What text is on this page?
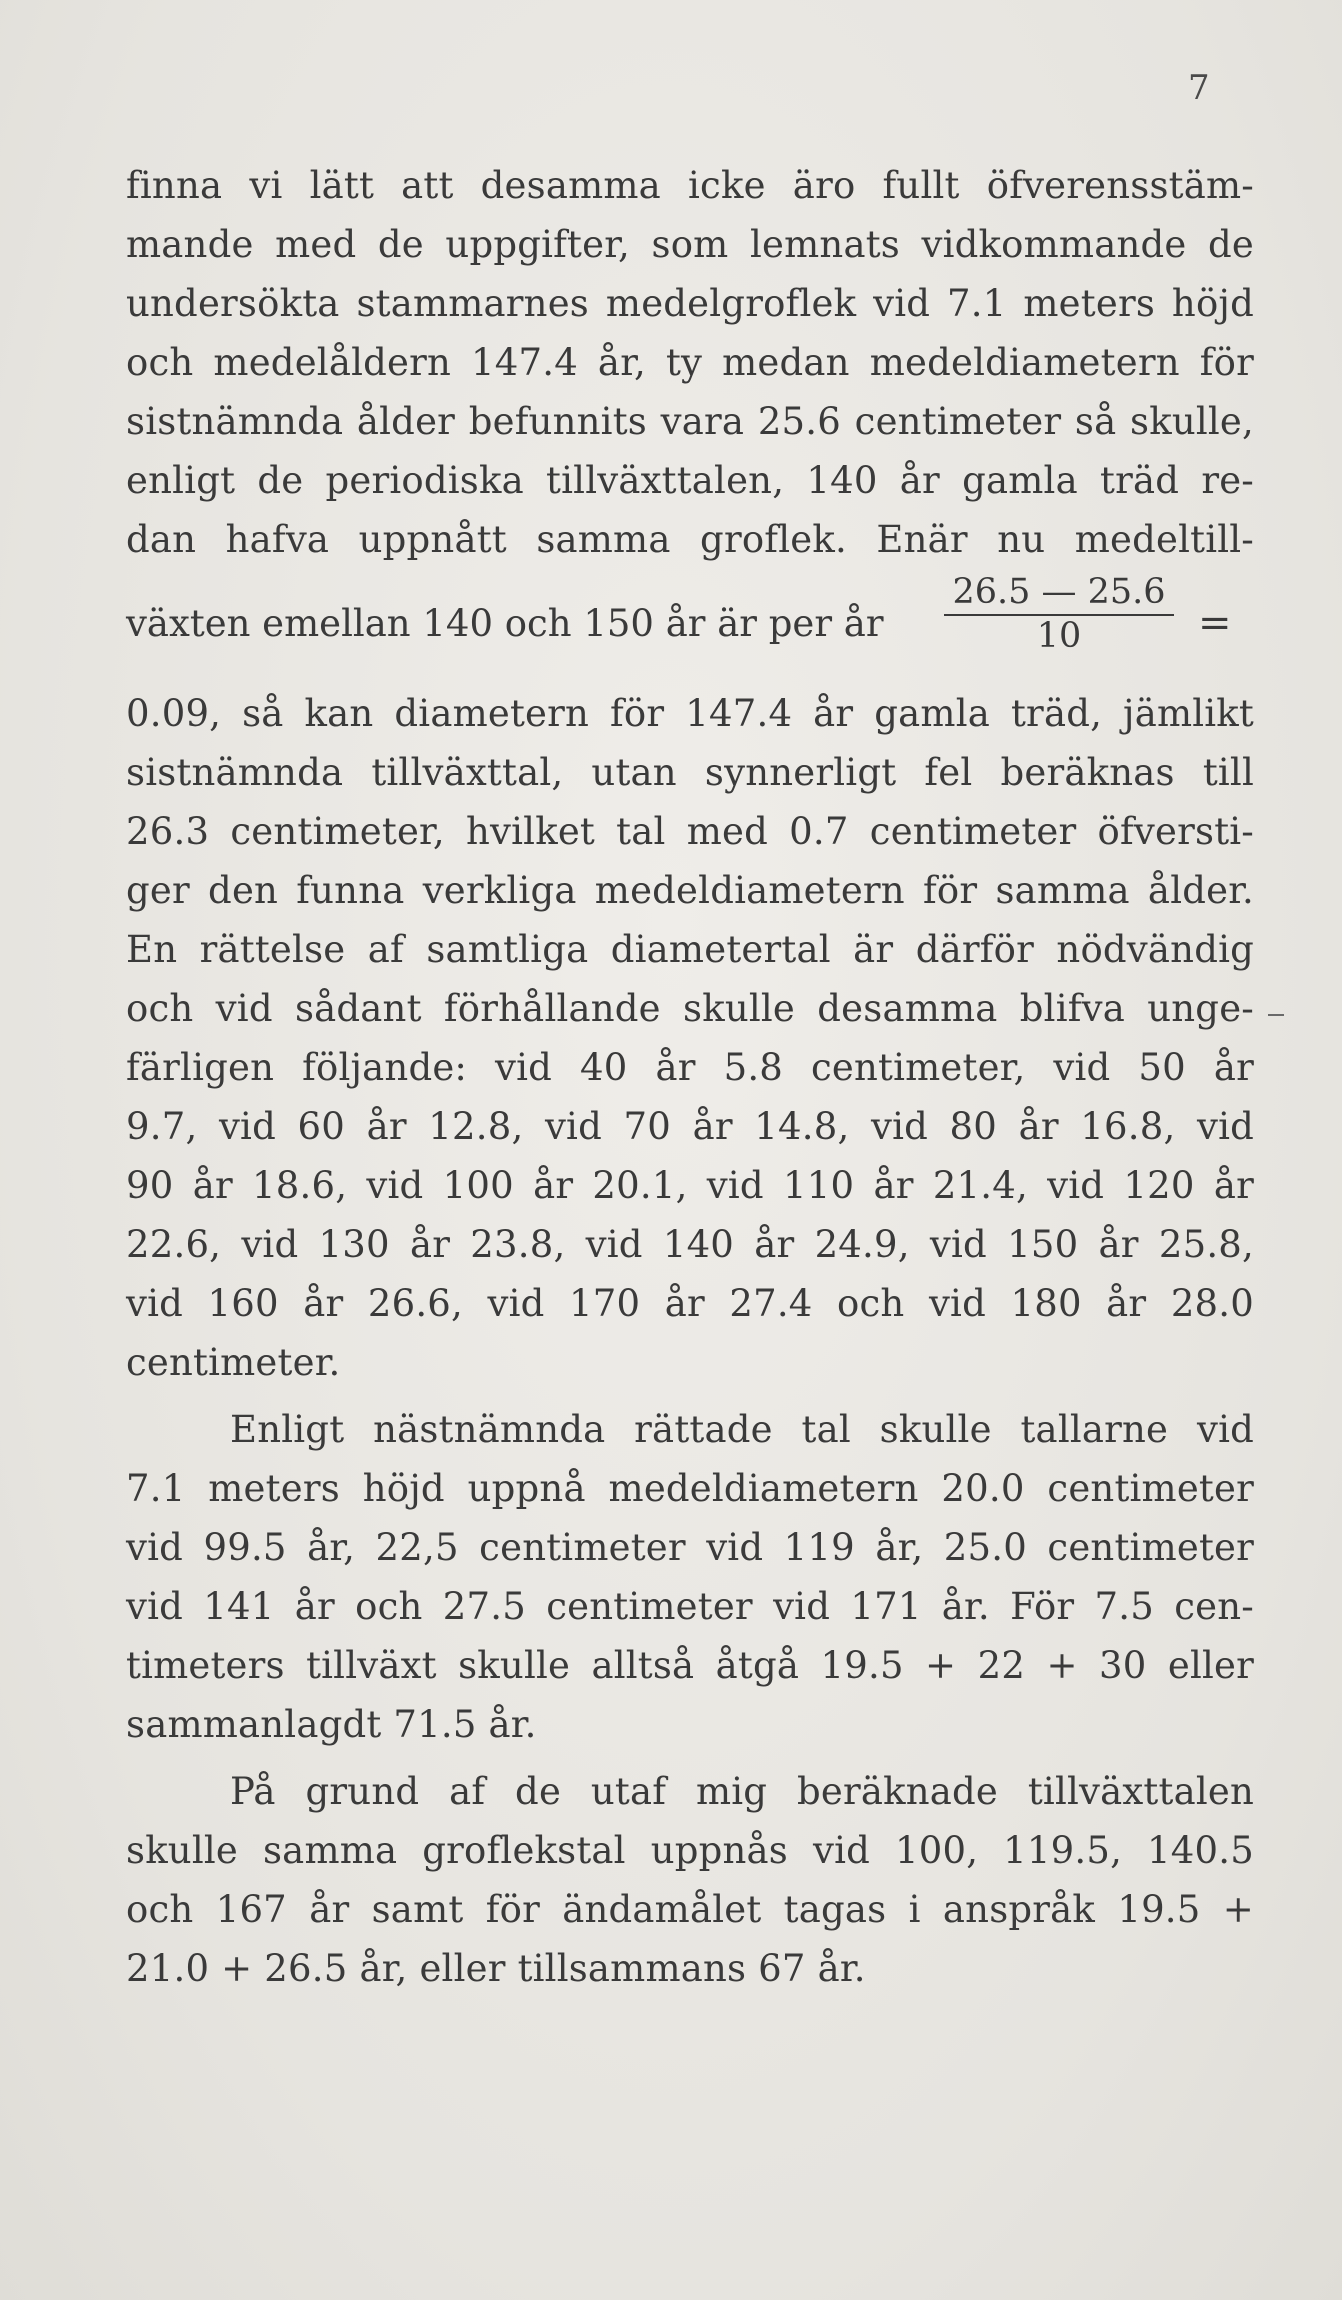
7
finna vi lätt att desamma icke äro fullt öfverensstäm-
mande med de uppgifter, som lemnats vidkommande de
undersökta stammarnes medelgroflek vid 7.1 meters höjd
och medelåldern 147.4 år, ty medan medeldiametern för
sistnämnda ålder befunnits vara 25.6 centimeter så skulle,
enligt de periodiska tillväxttalen, 140 år gamla träd re-
dan hafva uppnått samma groflek. Enär nu medeltill-
växten emellan 140 och 150 år är per år
26.5 — 25.6
10	=
0.09, så kan diametern för 147.4 år gamla träd, jämlikt
sistnämnda tillväxttal, utan synnerligt fel beräknas till
26.3 centimeter, hvilket tal med 0.7 centimeter öfversti-
ger den funna verkliga medeldiametern för samma ålder.
En rättelse af samtliga diametertal är därför nödvändig
och vid sådant förhållande skulle desamma blifva unge-
färligen följande: vid 40 år 5.8 centimeter, vid 50 år
9.7, vid 60 år 12.8, vid 70 år 14.8, vid 80 år 16.8, vid
90 år 18.6, vid 100 år 20.1, vid 110 år 21.4, vid 120 år
22.6, vid 130 år 23.8, vid 140 år 24.9, vid 150 år 25.8,
vid 160 år 26.6, vid 170 år 27.4 och vid 180 år 28.0
centimeter.
Enligt nästnämnda rättade tal skulle tallarne vid
7.1 meters höjd uppnå medeldiametern 20.0 centimeter
vid 99.5 år, 22,5 centimeter vid 119 år, 25.0 centimeter
vid 141 år och 27.5 centimeter vid 171 år. För 7.5 cen-
timeters tillväxt skulle alltså åtgå 19.5 + 22 + 30 eller
sammanlagdt 71.5 år.
På grund af de utaf mig beräknade tillväxttalen
skulle samma groflekstal uppnås vid 100, 119.5, 140.5
och 167 år samt för ändamålet tagas i anspråk 19.5 +
21.0 + 26.5 år, eller tillsammans 67 år.
